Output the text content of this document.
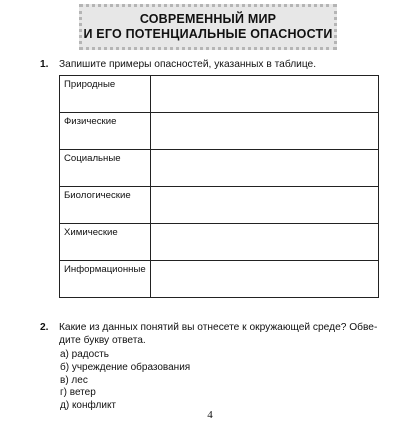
СОВРЕМЕННЫЙ МИР
И ЕГО ПОТЕНЦИАЛЬНЫЕ ОПАСНОСТИ
1. Запишите примеры опасностей, указанных в таблице.
Природные	
Физические	
Социальные	
Биологические	
Химические	
Информационные	
2. Какие из данных понятий вы отнесете к окружающей среде? Обве-
дите букву ответа.
а) радость
б) учреждение образования
в) лес
г) ветер
д) конфликт
4
